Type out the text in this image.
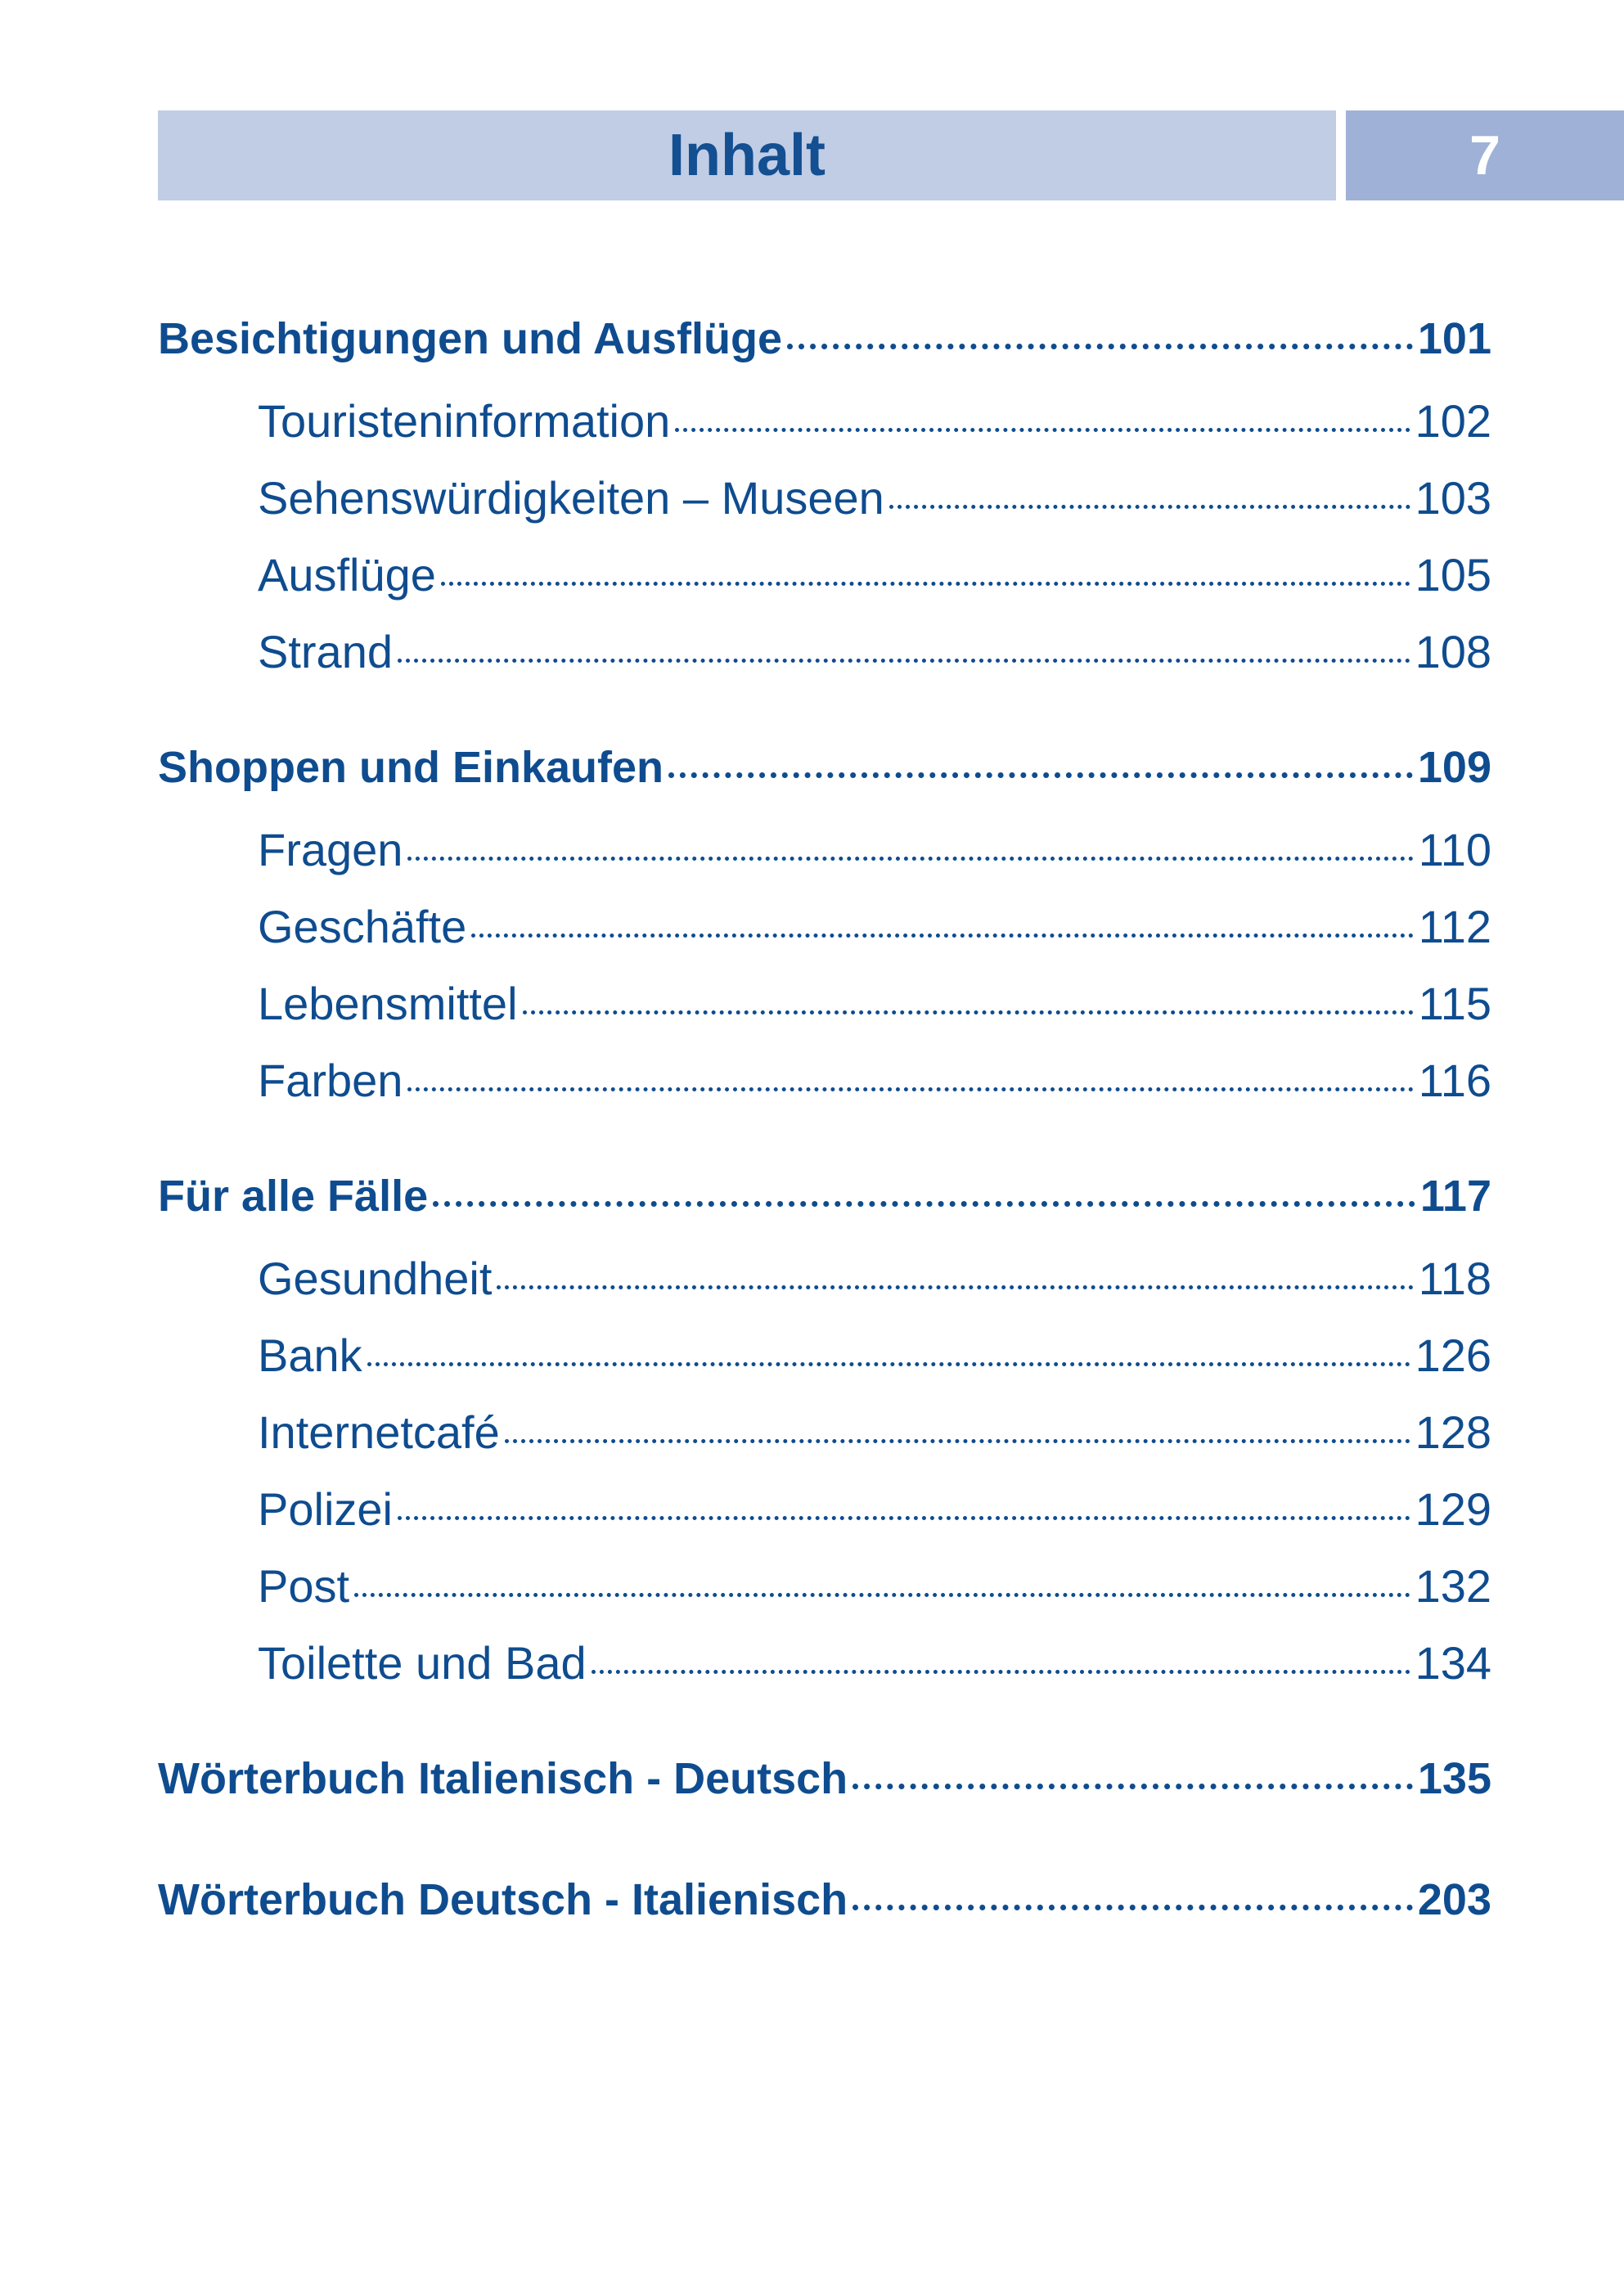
Inhalt	7
Besichtigungen und Ausflüge	101
Touristeninformation	102
Sehenswürdigkeiten – Museen	103
Ausflüge	105
Strand	108
Shoppen und Einkaufen	109
Fragen	110
Geschäfte	112
Lebensmittel	115
Farben	116
Für alle Fälle	117
Gesundheit	118
Bank	126
Internetcafé	128
Polizei	129
Post	132
Toilette und Bad	134
Wörterbuch Italienisch - Deutsch	135
Wörterbuch Deutsch - Italienisch	203
